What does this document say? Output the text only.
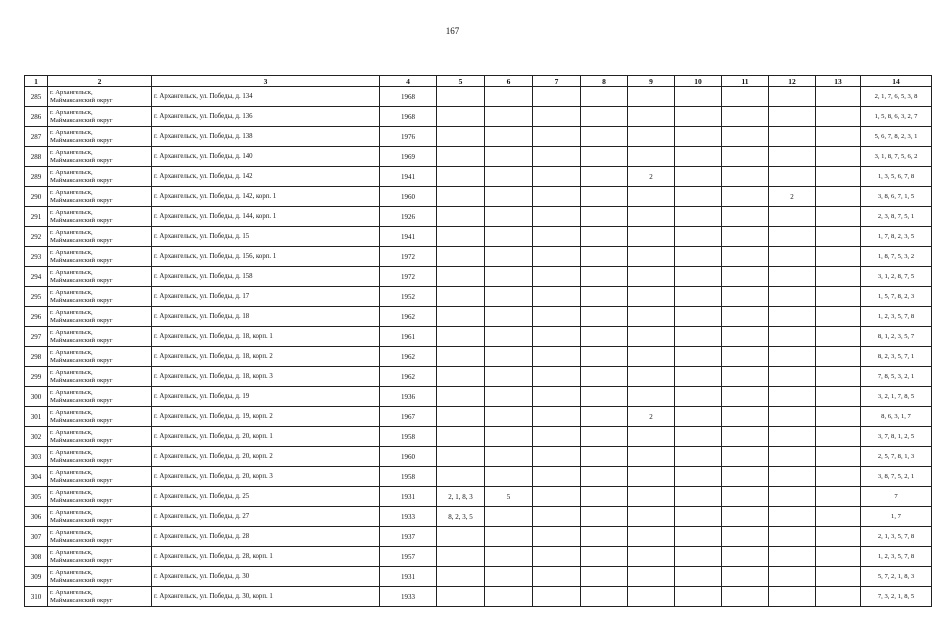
167
1	2	3	4	5	6	7	8	9	10	11	12	13	14
285	г. Архангельск,
Маймаксанский округ	г. Архангельск, ул. Победы, д. 134	1968										2, 1, 7, 6, 5, 3, 8
286	г. Архангельск,
Маймаксанский округ	г. Архангельск, ул. Победы, д. 136	1968										1, 5, 8, 6, 3, 2, 7
287	г. Архангельск,
Маймаксанский округ	г. Архангельск, ул. Победы, д. 138	1976										5, 6, 7, 8, 2, 3, 1
288	г. Архангельск,
Маймаксанский округ	г. Архангельск, ул. Победы, д. 140	1969										3, 1, 8, 7, 5, 6, 2
289	г. Архангельск,
Маймаксанский округ	г. Архангельск, ул. Победы, д. 142	1941					2					1, 3, 5, 6, 7, 8
290	г. Архангельск,
Маймаксанский округ	г. Архангельск, ул. Победы, д. 142, корп. 1	1960								2		3, 8, 6, 7, 1, 5
291	г. Архангельск,
Маймаксанский округ	г. Архангельск, ул. Победы, д. 144, корп. 1	1926										2, 3, 8, 7, 5, 1
292	г. Архангельск,
Маймаксанский округ	г. Архангельск, ул. Победы, д. 15	1941										1, 7, 8, 2, 3, 5
293	г. Архангельск,
Маймаксанский округ	г. Архангельск, ул. Победы, д. 156, корп. 1	1972										1, 8, 7, 5, 3, 2
294	г. Архангельск,
Маймаксанский округ	г. Архангельск, ул. Победы, д. 158	1972										3, 1, 2, 8, 7, 5
295	г. Архангельск,
Маймаксанский округ	г. Архангельск, ул. Победы, д. 17	1952										1, 5, 7, 8, 2, 3
296	г. Архангельск,
Маймаксанский округ	г. Архангельск, ул. Победы, д. 18	1962										1, 2, 3, 5, 7, 8
297	г. Архангельск,
Маймаксанский округ	г. Архангельск, ул. Победы, д. 18, корп. 1	1961										8, 1, 2, 3, 5, 7
298	г. Архангельск,
Маймаксанский округ	г. Архангельск, ул. Победы, д. 18, корп. 2	1962										8, 2, 3, 5, 7, 1
299	г. Архангельск,
Маймаксанский округ	г. Архангельск, ул. Победы, д. 18, корп. 3	1962										7, 8, 5, 3, 2, 1
300	г. Архангельск,
Маймаксанский округ	г. Архангельск, ул. Победы, д. 19	1936										3, 2, 1, 7, 8, 5
301	г. Архангельск,
Маймаксанский округ	г. Архангельск, ул. Победы, д. 19, корп. 2	1967					2					8, 6, 3, 1, 7
302	г. Архангельск,
Маймаксанский округ	г. Архангельск, ул. Победы, д. 20, корп. 1	1958										3, 7, 8, 1, 2, 5
303	г. Архангельск,
Маймаксанский округ	г. Архангельск, ул. Победы, д. 20, корп. 2	1960										2, 5, 7, 8, 1, 3
304	г. Архангельск,
Маймаксанский округ	г. Архангельск, ул. Победы, д. 20, корп. 3	1958										3, 8, 7, 5, 2, 1
305	г. Архангельск,
Маймаксанский округ	г. Архангельск, ул. Победы, д. 25	1931	2, 1, 8, 3	5								7
306	г. Архангельск,
Маймаксанский округ	г. Архангельск, ул. Победы, д. 27	1933	8, 2, 3, 5									1, 7
307	г. Архангельск,
Маймаксанский округ	г. Архангельск, ул. Победы, д. 28	1937										2, 1, 3, 5, 7, 8
308	г. Архангельск,
Маймаксанский округ	г. Архангельск, ул. Победы, д. 28, корп. 1	1957										1, 2, 3, 5, 7, 8
309	г. Архангельск,
Маймаксанский округ	г. Архангельск, ул. Победы, д. 30	1931										5, 7, 2, 1, 8, 3
310	г. Архангельск,
Маймаксанский округ	г. Архангельск, ул. Победы, д. 30, корп. 1	1933										7, 3, 2, 1, 8, 5
